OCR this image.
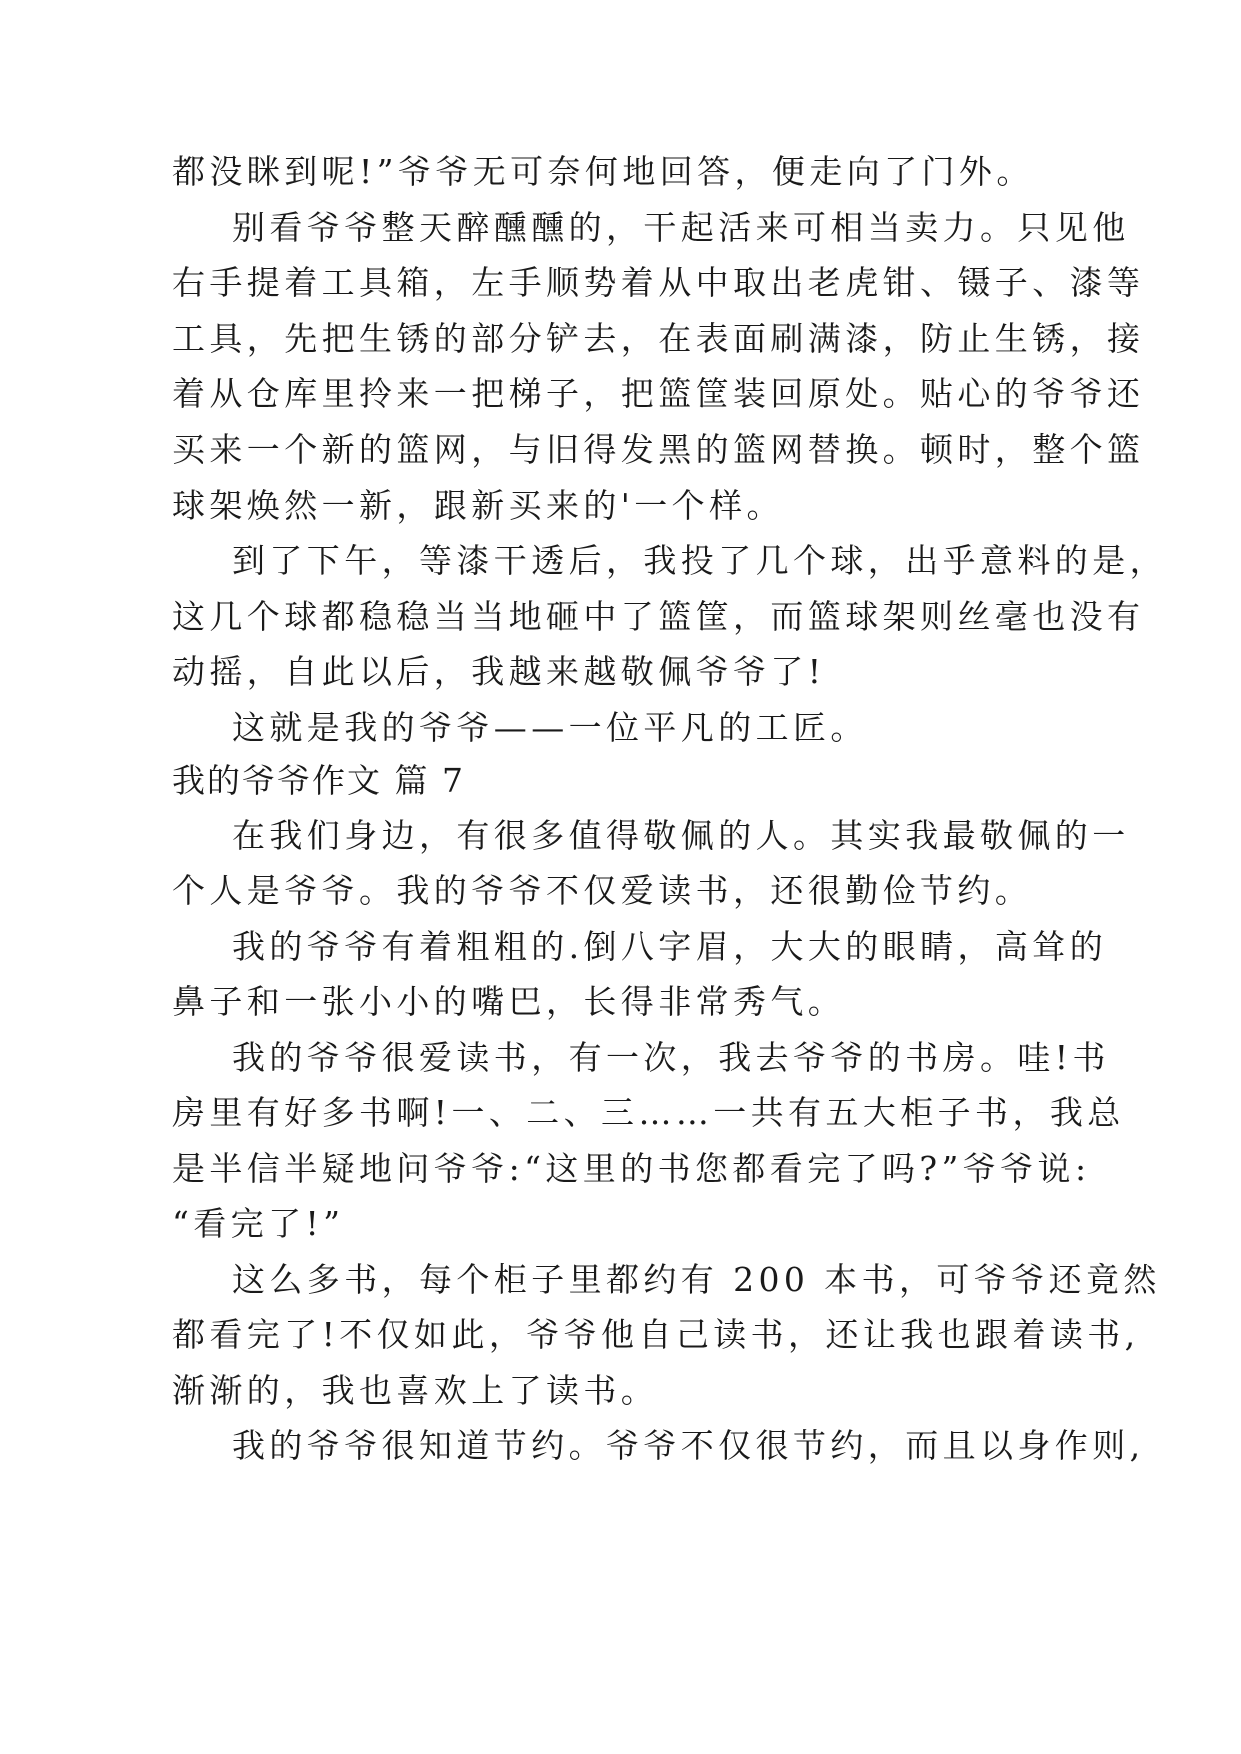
都没眯到呢!”爷爷无可奈何地回答，便走向了门外。
别看爷爷整天醉醺醺的，干起活来可相当卖力。只见他
右手提着工具箱，左手顺势着从中取出老虎钳、镊子、漆等
工具，先把生锈的部分铲去，在表面刷满漆，防止生锈，接
着从仓库里拎来一把梯子，把篮筐装回原处。贴心的爷爷还
买来一个新的篮网，与旧得发黑的篮网替换。顿时，整个篮
球架焕然一新，跟新买来的'一个样。
到了下午，等漆干透后，我投了几个球，出乎意料的是，
这几个球都稳稳当当地砸中了篮筐，而篮球架则丝毫也没有
动摇，自此以后，我越来越敬佩爷爷了!
这就是我的爷爷——一位平凡的工匠。
我的爷爷作文 篇 7
在我们身边，有很多值得敬佩的人。其实我最敬佩的一
个人是爷爷。我的爷爷不仅爱读书，还很勤俭节约。
我的爷爷有着粗粗的.倒八字眉，大大的眼睛，高耸的
鼻子和一张小小的嘴巴，长得非常秀气。
我的爷爷很爱读书，有一次，我去爷爷的书房。哇!书
房里有好多书啊!一、二、三……一共有五大柜子书，我总
是半信半疑地问爷爷:“这里的书您都看完了吗?”爷爷说:
“看完了!”
这么多书，每个柜子里都约有 200 本书，可爷爷还竟然
都看完了!不仅如此，爷爷他自己读书，还让我也跟着读书,
渐渐的，我也喜欢上了读书。
我的爷爷很知道节约。爷爷不仅很节约，而且以身作则,
